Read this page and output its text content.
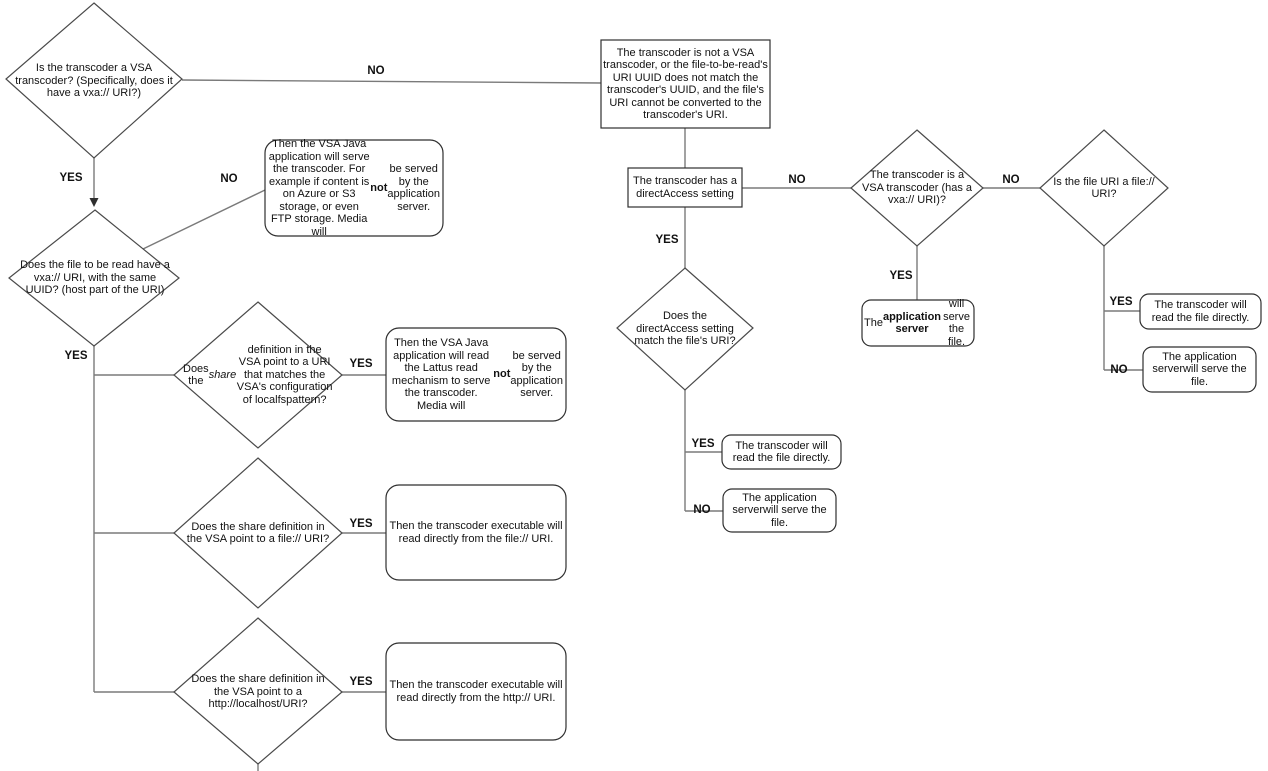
Is the transcoder a VSA transcoder? (Specifically, does it have a vxa:// URI?)
The transcoder is not a VSA transcoder, or the file-to-be-read's URI UUID does not match the transcoder's UUID, and the file's URI cannot be converted to the transcoder's URI.
The transcoder has a directAccess setting
Does the directAccess setting match the file's URI?
The transcoder will read the file directly.
The application serverwill serve the file.
The transcoder is a VSA transcoder (has a vxa:// URI)?
The
application server
will serve the file.
Is the file URI a file:// URI?
The transcoder will read the file directly.
The application serverwill serve the file.
Does the file to be read have a vxa:// URI, with the same UUID? (host part of the URI)
Then the VSA Java application will serve the transcoder. For example if content is on Azure or S3 storage, or even FTP storage. Media will
not
be served by the application server.
Does the
share
definition in the VSA point to a URI that matches the VSA's configuration of localfspattern?
Then the VSA Java application will read the Lattus read mechanism to serve the transcoder. Media will
not
be served by the application server.
Does the share definition in the VSA point to a file:// URI?
Then the transcoder executable will read directly from the file:// URI.
Does the share definition in the VSA point to a http://localhost/URI?
Then the transcoder executable will read directly from the http:// URI.
NO
YES	NO
YES
NO
YES
YES
NO
YES
NO
YES
NO
YES
YES
YES
